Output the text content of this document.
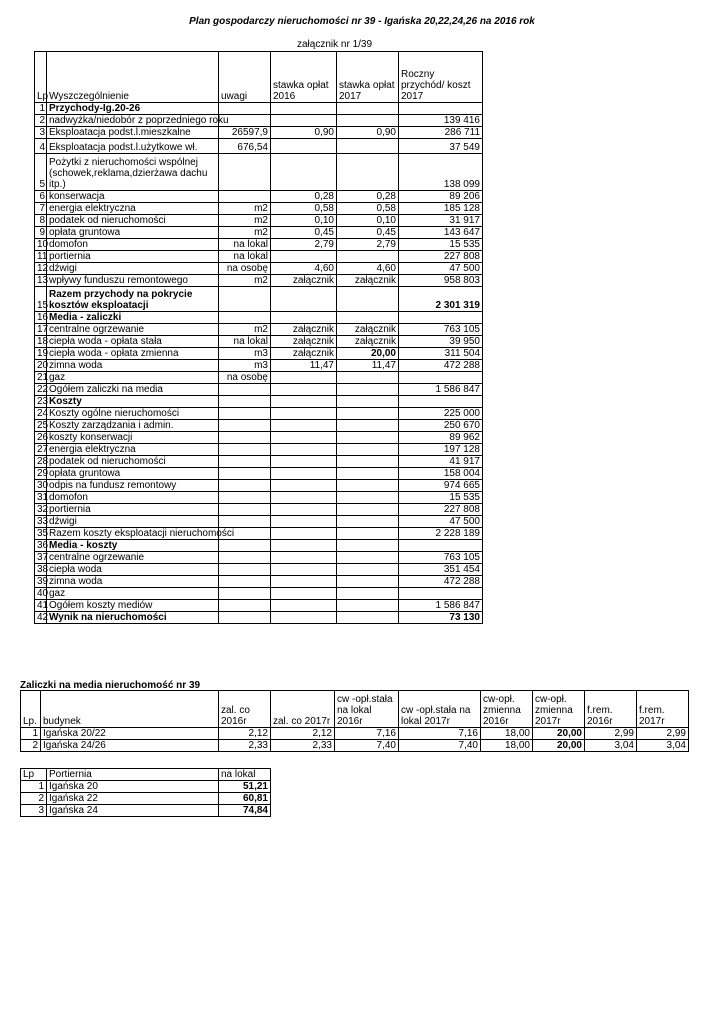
Plan gospodarczy nieruchomości nr 39 - Igańska 20,22,24,26 na 2016 rok
załącznik nr 1/39
Lp	Wyszczególnienie	uwagi	stawka opłat 2016	stawka opłat 2017	Roczny przychód/ koszt 2017
1	Przychody-Ig.20-26				
2	nadwyżka/niedobór z poprzedniego roku				139 416
3	Eksploatacja podst.l.mieszkalne	26597,9	0,90	0,90	286 711
4	Eksploatacja podst.l.użytkowe wł.	676,54			37 549
5	Pożytki z nieruchomości wspólnej (schowek,reklama,dzierżawa dachu itp.)				138 099
6	konserwacja		0,28	0,28	89 206
7	energia elektryczna	m2	0,58	0,58	185 128
8	podatek od nieruchomości	m2	0,10	0,10	31 917
9	opłata gruntowa	m2	0,45	0,45	143 647
10	domofon	na lokal	2,79	2,79	15 535
11	portiernia	na lokal			227 808
12	dźwigi	na osobę	4,60	4,60	47 500
13	wpływy funduszu remontowego	m2	załącznik	załącznik	958 803
15	Razem przychody na pokrycie kosztów eksploatacji				2 301 319
16	Media - zaliczki				
17	centralne ogrzewanie	m2	załącznik	załącznik	763 105
18	ciepła woda - opłata stała	na lokal	załącznik	załącznik	39 950
19	ciepła woda - opłata zmienna	m3	załącznik	20,00	311 504
20	zimna woda	m3	11,47	11,47	472 288
21	gaz	na osobę			
22	Ogółem zaliczki na media				1 586 847
23	Koszty				
24	Koszty ogólne nieruchomości				225 000
25	Koszty zarządzania i admin.				250 670
26	koszty konserwacji				89 962
27	energia elektryczna				197 128
28	podatek od nieruchomości				41 917
29	opłata gruntowa				158 004
30	odpis na fundusz remontowy				974 665
31	domofon				15 535
32	portiernia				227 808
33	dźwigi				47 500
35	Razem koszty eksploatacji nieruchomości				2 228 189
36	Media - koszty				
37	centralne ogrzewanie				763 105
38	ciepła woda				351 454
39	zimna woda				472 288
40	gaz				
41	Ogółem koszty mediów				1 586 847
42	Wynik na nieruchomości				73 130
Zaliczki na media nieruchomość nr 39
Lp.	budynek	zal. co 2016r	zal. co 2017r	cw -opł.stała na lokal 2016r	cw -opł.stała na lokal 2017r	cw-opł. zmienna 2016r	cw-opł. zmienna 2017r	f.rem. 2016r	f.rem. 2017r
1	Igańska 20/22	2,12	2,12	7,16	7,16	18,00	20,00	2,99	2,99
2	Igańska 24/26	2,33	2,33	7,40	7,40	18,00	20,00	3,04	3,04
Lp	Portiernia	na lokal
1	Igańska 20	51,21
2	Igańska 22	60,81
3	Igańska 24	74,84
